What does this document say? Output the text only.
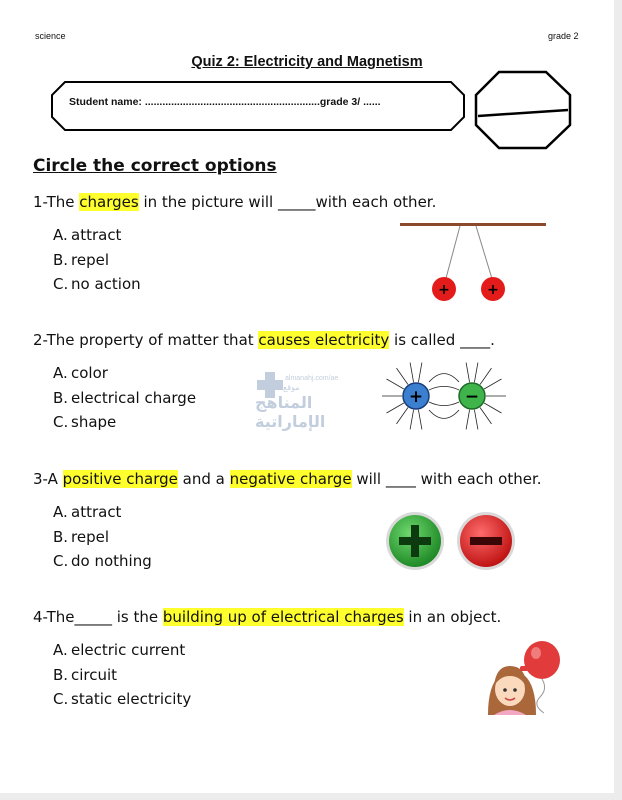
science	grade 2
Quiz 2: Electricity and Magnetism
Student name: ............................................................grade 3/ ......
Circle the correct options
1-The charges in the picture will _____with each other.
A. attract
B. repel
C. no action	+	+
2-The property of matter that causes electricity is called ____.
A. color
B. electrical charge
C. shape
almanahj.com/ae
موقع
المناهج الإماراتية
+ −
3-A positive charge and a negative charge will ____ with each other.
A. attract
B. repel
C. do nothing
4-The_____ is the building up of electrical charges in an object.
A. electric current
B. circuit
C. static electricity
